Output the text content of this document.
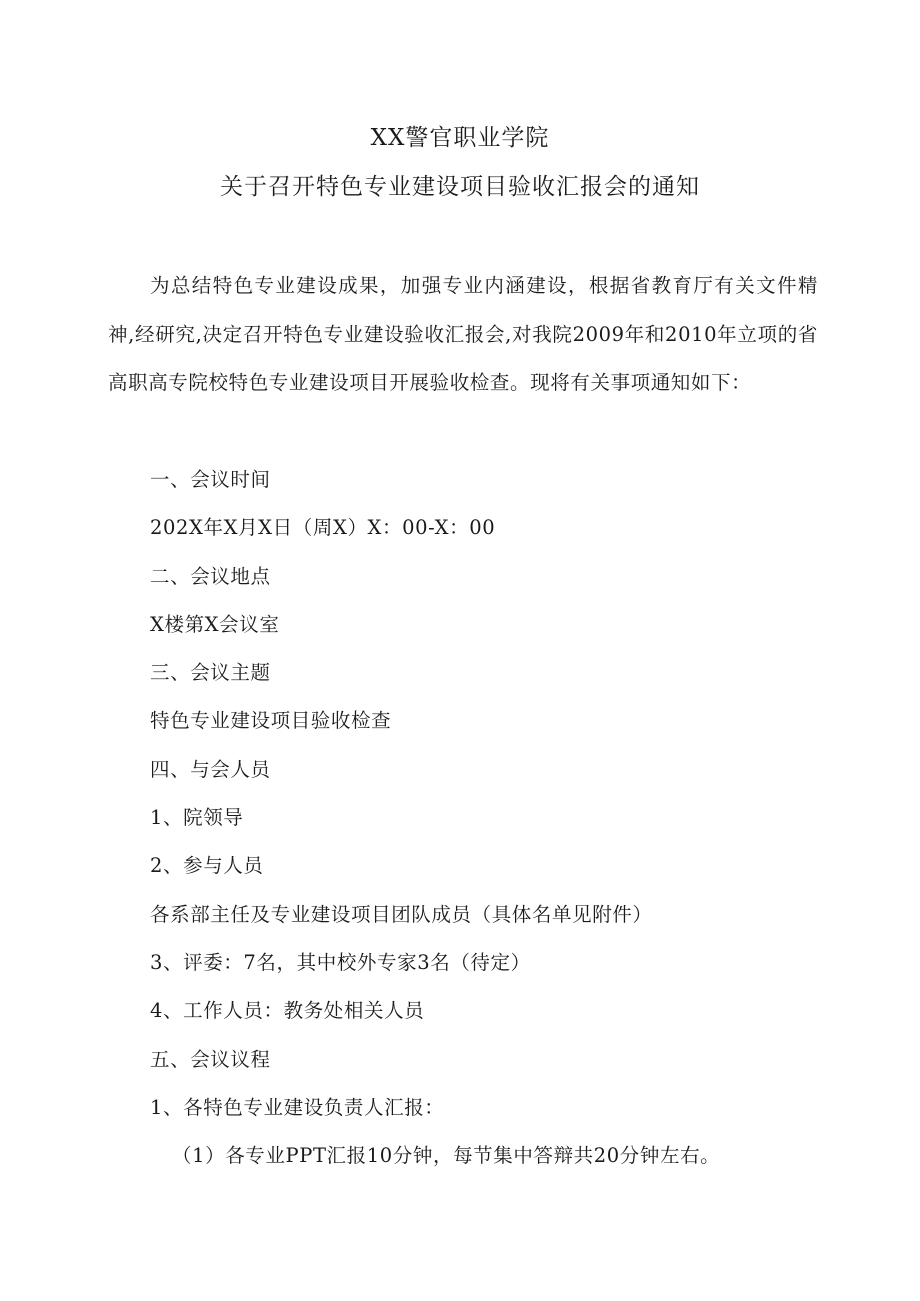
XX警官职业学院
关于召开特色专业建设项目验收汇报会的通知
为总结特色专业建设成果，加强专业内涵建设，根据省教育厅有关文件精神,经研究,决定召开特色专业建设验收汇报会,对我院2009年和2010年立项的省高职高专院校特色专业建设项目开展验收检查。现将有关事项通知如下：
一、会议时间
202X年X月X日（周X）X：00-X：00
二、会议地点
X楼第X会议室
三、会议主题
特色专业建设项目验收检查
四、与会人员
1、院领导
2、参与人员
各系部主任及专业建设项目团队成员（具体名单见附件）
3、评委：7名，其中校外专家3名（待定）
4、工作人员：教务处相关人员
五、会议议程
1、各特色专业建设负责人汇报：
（1）各专业PPT汇报10分钟，每节集中答辩共20分钟左右。
